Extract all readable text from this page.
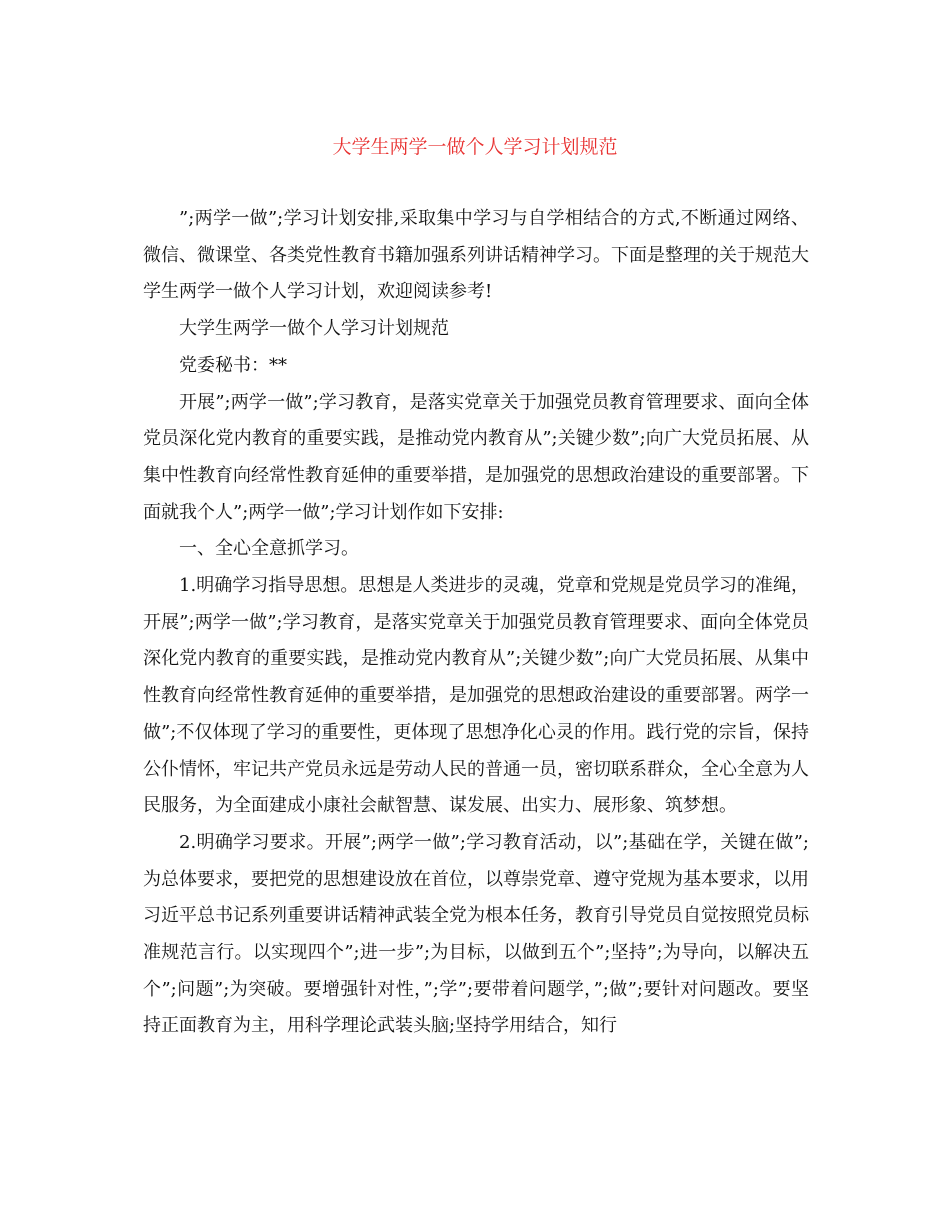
大学生两学一做个人学习计划规范

”;两学一做”;学习计划安排,采取集中学习与自学相结合的方式,不断通过网络、微信、微课堂、各类党性教育书籍加强系列讲话精神学习。下面是整理的关于规范大学生两学一做个人学习计划，欢迎阅读参考!

大学生两学一做个人学习计划规范

党委秘书：**

开展”;两学一做”;学习教育，是落实党章关于加强党员教育管理要求、面向全体党员深化党内教育的重要实践，是推动党内教育从”;关键少数”;向广大党员拓展、从集中性教育向经常性教育延伸的重要举措，是加强党的思想政治建设的重要部署。下面就我个人”;两学一做”;学习计划作如下安排:

一、全心全意抓学习。

1.明确学习指导思想。思想是人类进步的灵魂，党章和党规是党员学习的准绳，开展”;两学一做”;学习教育，是落实党章关于加强党员教育管理要求、面向全体党员深化党内教育的重要实践，是推动党内教育从”;关键少数”;向广大党员拓展、从集中性教育向经常性教育延伸的重要举措，是加强党的思想政治建设的重要部署。两学一做”;不仅体现了学习的重要性，更体现了思想净化心灵的作用。践行党的宗旨，保持公仆情怀，牢记共产党员永远是劳动人民的普通一员，密切联系群众，全心全意为人民服务，为全面建成小康社会献智慧、谋发展、出实力、展形象、筑梦想。

2.明确学习要求。开展”;两学一做”;学习教育活动，以”;基础在学，关键在做”;为总体要求，要把党的思想建设放在首位，以尊崇党章、遵守党规为基本要求，以用习近平总书记系列重要讲话精神武装全党为根本任务，教育引导党员自觉按照党员标准规范言行。以实现四个”;进一步”;为目标，以做到五个”;坚持”;为导向，以解决五个”;问题”;为突破。要增强针对性，”;学”;要带着问题学，”;做”;要针对问题改。要坚持正面教育为主，用科学理论武装头脑;坚持学用结合，知行
